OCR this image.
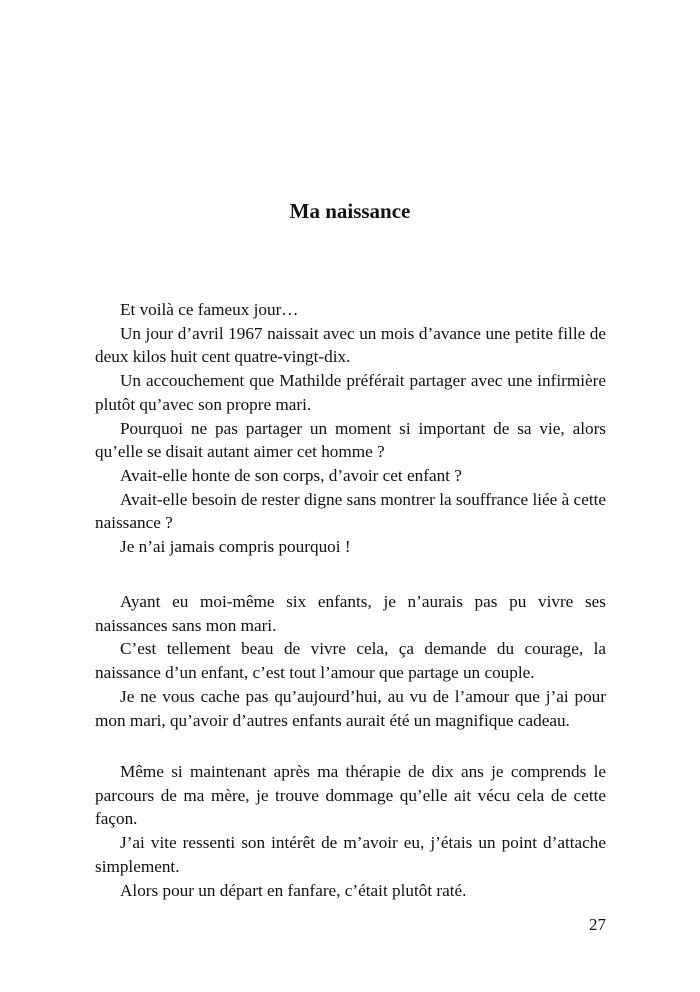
Ma naissance

Et voilà ce fameux jour…

Un jour d’avril 1967 naissait avec un mois d’avance une petite fille de deux kilos huit cent quatre-vingt-dix.

Un accouchement que Mathilde préférait partager avec une infirmière plutôt qu’avec son propre mari.

Pourquoi ne pas partager un moment si important de sa vie, alors qu’elle se disait autant aimer cet homme ?

Avait-elle honte de son corps, d’avoir cet enfant ?

Avait-elle besoin de rester digne sans montrer la souffrance liée à cette naissance ?

Je n’ai jamais compris pourquoi !

Ayant eu moi-même six enfants, je n’aurais pas pu vivre ses naissances sans mon mari.

C’est tellement beau de vivre cela, ça demande du courage, la naissance d’un enfant, c’est tout l’amour que partage un couple.

Je ne vous cache pas qu’aujourd’hui, au vu de l’amour que j’ai pour mon mari, qu’avoir d’autres enfants aurait été un magnifique cadeau.

Même si maintenant après ma thérapie de dix ans je comprends le parcours de ma mère, je trouve dommage qu’elle ait vécu cela de cette façon.

J’ai vite ressenti son intérêt de m’avoir eu, j’étais un point d’attache simplement.

Alors pour un départ en fanfare, c’était plutôt raté.

27
